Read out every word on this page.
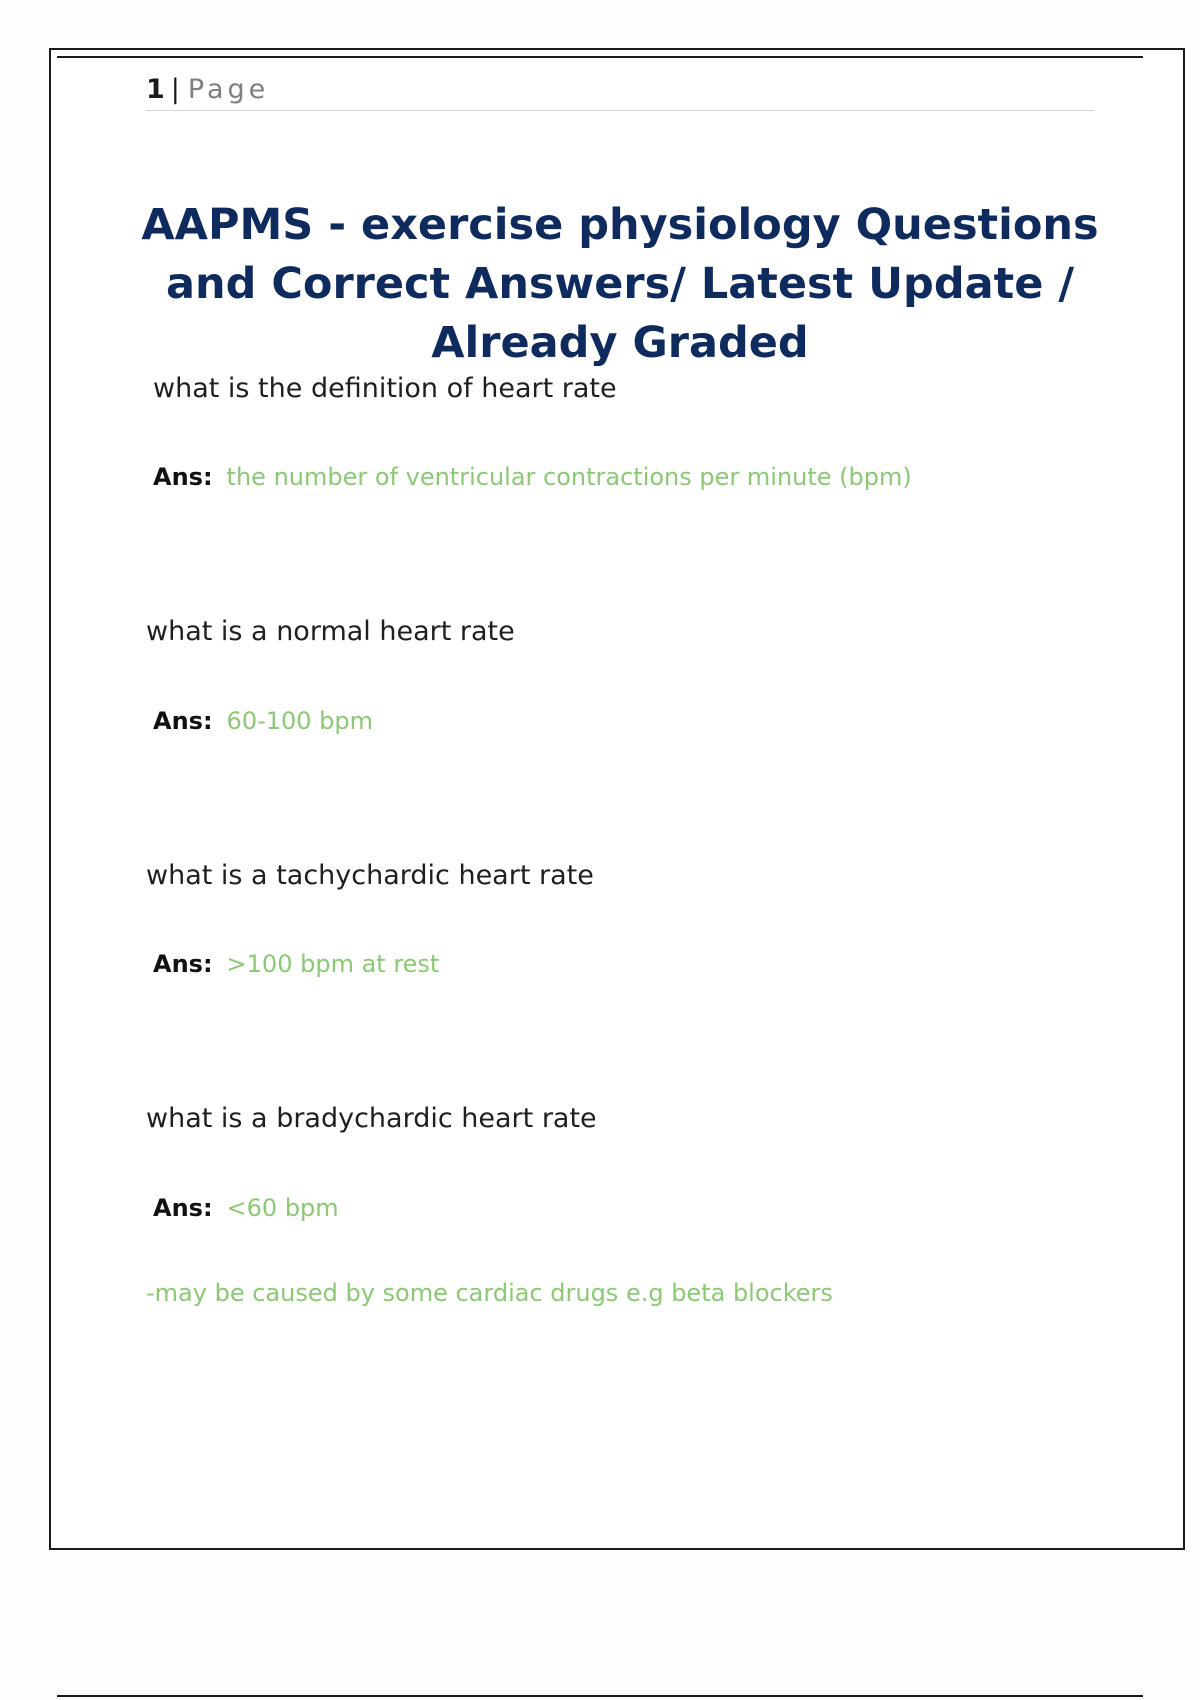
1 | Page
AAPMS - exercise physiology Questions and Correct Answers/ Latest Update / Already Graded

what is the definition of heart rate

Ans: the number of ventricular contractions per minute (bpm)

what is a normal heart rate

Ans: 60-100 bpm

what is a tachychardic heart rate

Ans: >100 bpm at rest

what is a bradychardic heart rate

Ans: <60 bpm

-may be caused by some cardiac drugs e.g beta blockers
